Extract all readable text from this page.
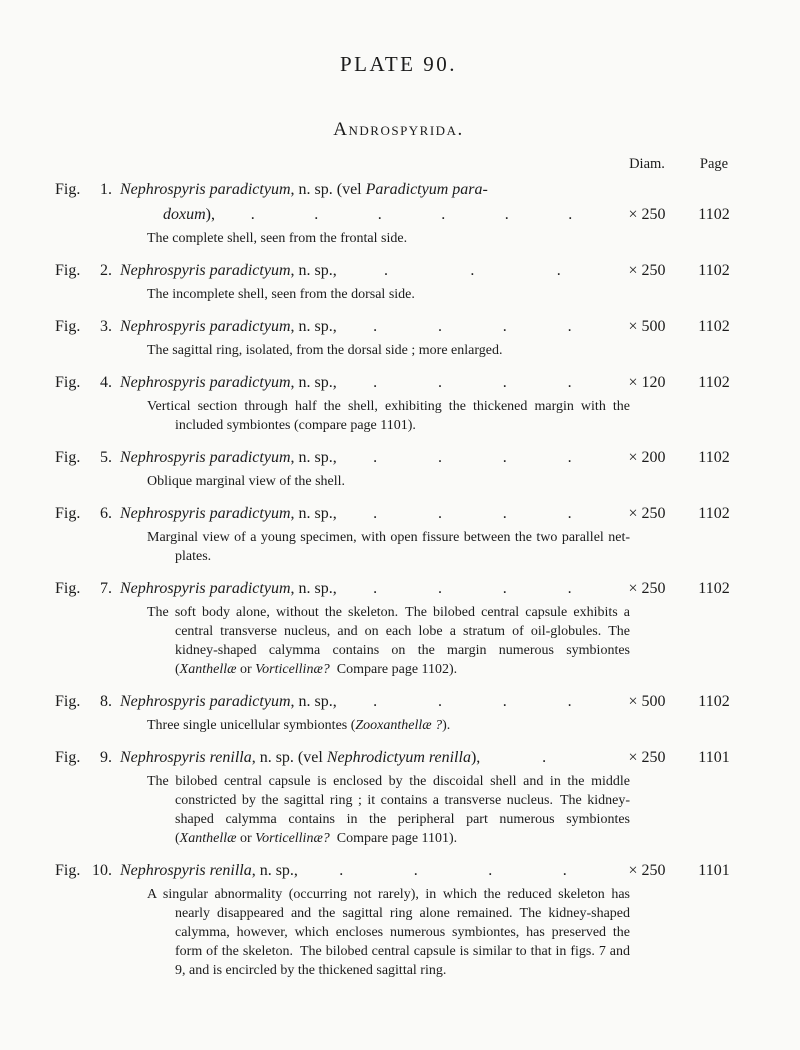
PLATE 90.
Androspyrida.
Diam.	Page
Fig. 1. Nephrospyris paradictyum, n. sp. (vel Paradictyum para-
doxum), .	.	.	.	.	.	× 250	1102

The complete shell, seen from the frontal side.

Fig. 2. Nephrospyris paradictyum, n. sp.,	.	.	.	× 250	1102

The incomplete shell, seen from the dorsal side.

Fig. 3. Nephrospyris paradictyum, n. sp., .	.	.	.	× 500	1102

The sagittal ring, isolated, from the dorsal side ; more enlarged.

Fig. 4. Nephrospyris paradictyum, n. sp., .	.	.	.	× 120	1102

Vertical section through half the shell, exhibiting the thickened margin with the included symbiontes (compare page 1101).

Fig. 5. Nephrospyris paradictyum, n. sp., .	.	.	.	× 200	1102

Oblique marginal view of the shell.

Fig. 6. Nephrospyris paradictyum, n. sp., .	.	.	.	× 250	1102

Marginal view of a young specimen, with open fissure between the two parallel net-plates.

Fig. 7. Nephrospyris paradictyum, n. sp., .	.	.	.	× 250	1102

The soft body alone, without the skeleton. The bilobed central capsule exhibits a central transverse nucleus, and on each lobe a stratum of oil-globules. The kidney-shaped calymma contains on the margin numerous symbiontes (Xanthellæ or Vorticellinæ? Compare page 1102).

Fig. 8. Nephrospyris paradictyum, n. sp., .	.	.	.	× 500	1102

Three single unicellular symbiontes (Zooxanthellæ ?).

Fig. 9. Nephrospyris renilla, n. sp. (vel Nephrodictyum renilla),	.	× 250	1101

The bilobed central capsule is enclosed by the discoidal shell and in the middle constricted by the sagittal ring ; it contains a transverse nucleus. The kidney-shaped calymma contains in the peripheral part numerous symbiontes (Xanthellæ or Vorticellinæ? Compare page 1101).

Fig. 10. Nephrospyris renilla, n. sp.,	.	.	.	.	× 250	1101

A singular abnormality (occurring not rarely), in which the reduced skeleton has nearly disappeared and the sagittal ring alone remained. The kidney-shaped calymma, however, which encloses numerous symbiontes, has preserved the form of the skeleton. The bilobed central capsule is similar to that in figs. 7 and 9, and is encircled by the thickened sagittal ring.
